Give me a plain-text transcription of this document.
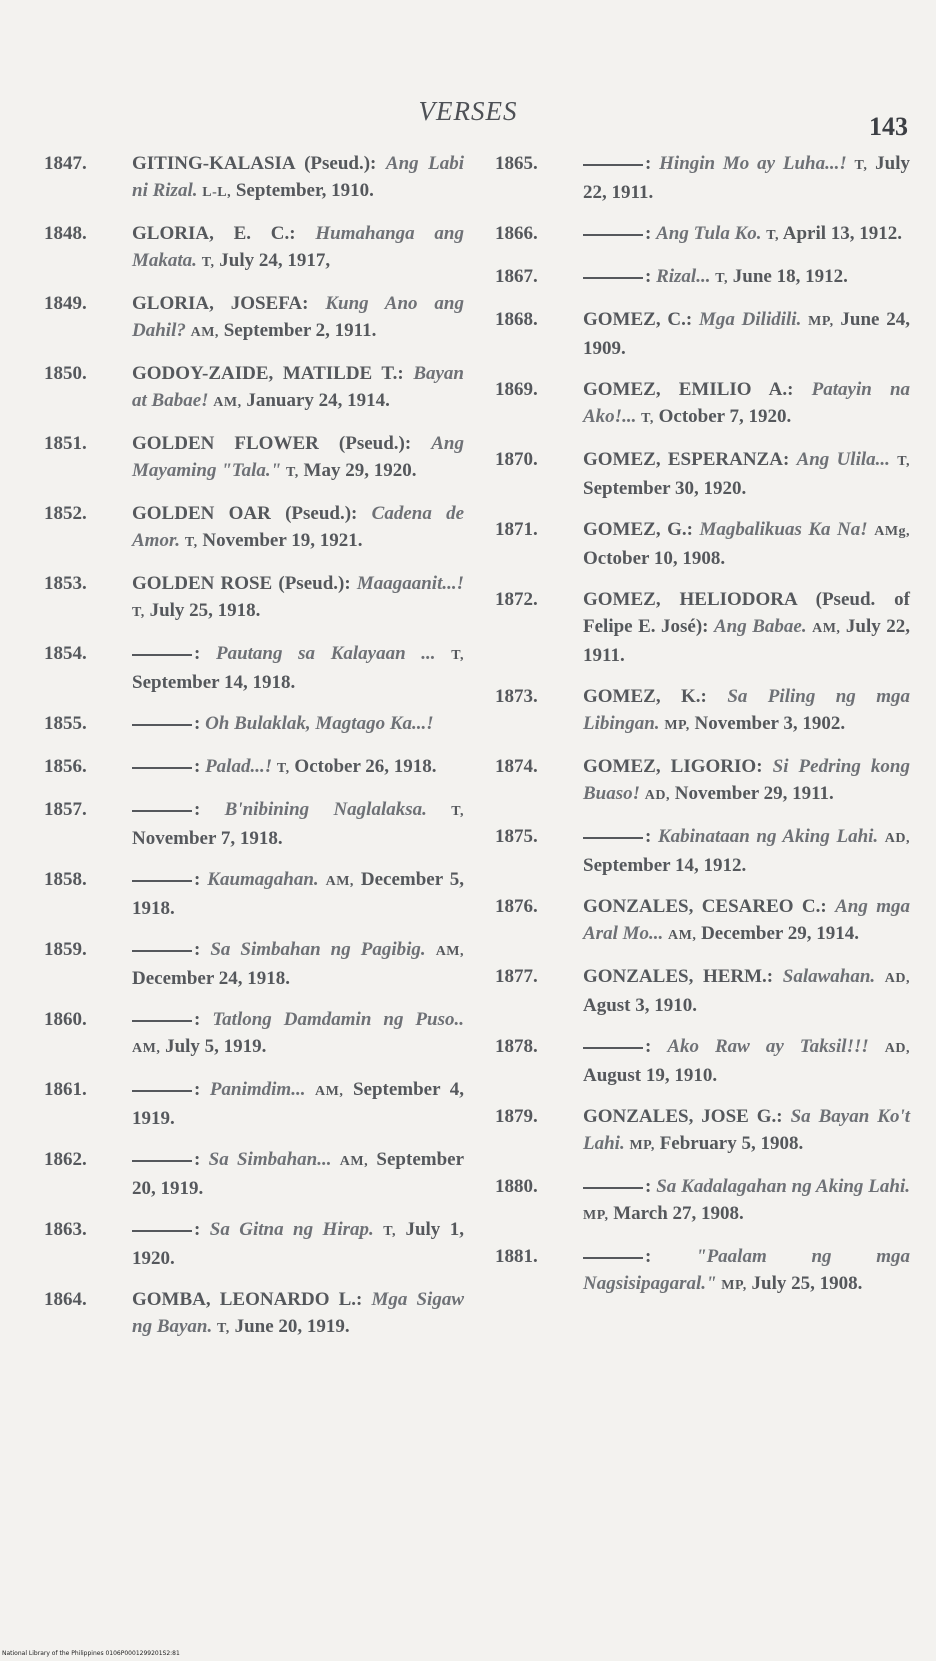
VERSES
143
1847.	GITING-KALASIA (Pseud.): Ang Labi ni Rizal. L-L, September, 1910.
1848.	GLORIA, E. C.: Humahanga ang Makata. T, July 24, 1917,
1849.	GLORIA, JOSEFA: Kung Ano ang Dahil? AM, September 2, 1911.
1850.	GODOY-ZAIDE, MATILDE T.: Bayan at Babae! AM, January 24, 1914.
1851.	GOLDEN FLOWER (Pseud.): Ang Mayaming "Tala." T, May 29, 1920.
1852.	GOLDEN OAR (Pseud.): Cadena de Amor. T, November 19, 1921.
1853.	GOLDEN ROSE (Pseud.): Maagaanit...! T, July 25, 1918.
1854.	: Pautang sa Kalayaan ... T, September 14, 1918.
1855.	: Oh Bulaklak, Magtago Ka...!
1856.	: Palad...! T, October 26, 1918.
1857.	: B'nibining Naglalaksa. T, November 7, 1918.
1858.	: Kaumagahan. AM, December 5, 1918.
1859.	: Sa Simbahan ng Pagibig. AM, December 24, 1918.
1860.	: Tatlong Damdamin ng Puso.. AM, July 5, 1919.
1861.	: Panimdim... AM, September 4, 1919.
1862.	: Sa Simbahan... AM, September 20, 1919.
1863.	: Sa Gitna ng Hirap. T, July 1, 1920.
1864.	GOMBA, LEONARDO L.: Mga Sigaw ng Bayan. T, June 20, 1919.
1865.	: Hingin Mo ay Luha...! T, July 22, 1911.
1866.	: Ang Tula Ko. T, April 13, 1912.
1867.	: Rizal... T, June 18, 1912.
1868.	GOMEZ, C.: Mga Dilidili. MP, June 24, 1909.
1869.	GOMEZ, EMILIO A.: Patayin na Ako!... T, October 7, 1920.
1870.	GOMEZ, ESPERANZA: Ang Ulila... T, September 30, 1920.
1871.	GOMEZ, G.: Magbalikuas Ka Na! AMg, October 10, 1908.
1872.	GOMEZ, HELIODORA (Pseud. of Felipe E. José): Ang Babae. AM, July 22, 1911.
1873.	GOMEZ, K.: Sa Piling ng mga Libingan. MP, November 3, 1902.
1874.	GOMEZ, LIGORIO: Si Pedring kong Buaso! AD, November 29, 1911.
1875.	: Kabinataan ng Aking Lahi. AD, September 14, 1912.
1876.	GONZALES, CESAREO C.: Ang mga Aral Mo... AM, December 29, 1914.
1877.	GONZALES, HERM.: Salawahan. AD, Agust 3, 1910.
1878.	: Ako Raw ay Taksil!!! AD, August 19, 1910.
1879.	GONZALES, JOSE G.: Sa Bayan Ko't Lahi. MP, February 5, 1908.
1880.	: Sa Kadalagahan ng Aking Lahi. MP, March 27, 1908.
1881.	: "Paalam ng mga Nagsisipagaral." MP, July 25, 1908.
National Library of the Philippines 0106P0001299201S2:81
